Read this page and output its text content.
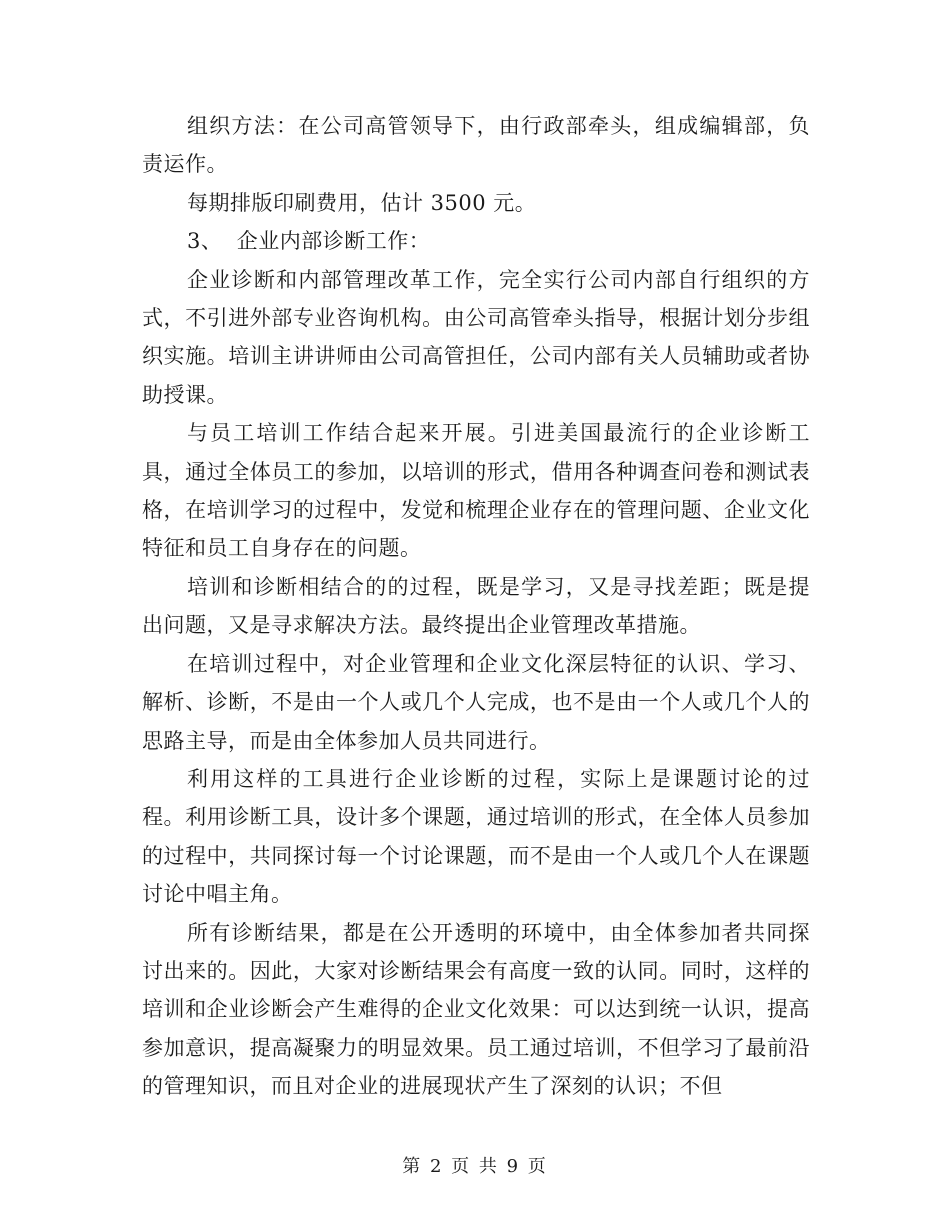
组织方法：在公司高管领导下，由行政部牵头，组成编辑部，负责运作。

每期排版印刷费用，估计 3500 元。

3、  企业内部诊断工作：

企业诊断和内部管理改革工作，完全实行公司内部自行组织的方式，不引进外部专业咨询机构。由公司高管牵头指导，根据计划分步组织实施。培训主讲讲师由公司高管担任，公司内部有关人员辅助或者协助授课。

与员工培训工作结合起来开展。引进美国最流行的企业诊断工具，通过全体员工的参加，以培训的形式，借用各种调查问卷和测试表格，在培训学习的过程中，发觉和梳理企业存在的管理问题、企业文化特征和员工自身存在的问题。

培训和诊断相结合的的过程，既是学习，又是寻找差距；既是提出问题，又是寻求解决方法。最终提出企业管理改革措施。

在培训过程中，对企业管理和企业文化深层特征的认识、学习、解析、诊断，不是由一个人或几个人完成，也不是由一个人或几个人的思路主导，而是由全体参加人员共同进行。

利用这样的工具进行企业诊断的过程，实际上是课题讨论的过程。利用诊断工具，设计多个课题，通过培训的形式，在全体人员参加的过程中，共同探讨每一个讨论课题，而不是由一个人或几个人在课题讨论中唱主角。

所有诊断结果，都是在公开透明的环境中，由全体参加者共同探讨出来的。因此，大家对诊断结果会有高度一致的认同。同时，这样的培训和企业诊断会产生难得的企业文化效果：可以达到统一认识，提高参加意识，提高凝聚力的明显效果。员工通过培训，不但学习了最前沿的管理知识，而且对企业的进展现状产生了深刻的认识；不但

第 2 页 共 9 页
